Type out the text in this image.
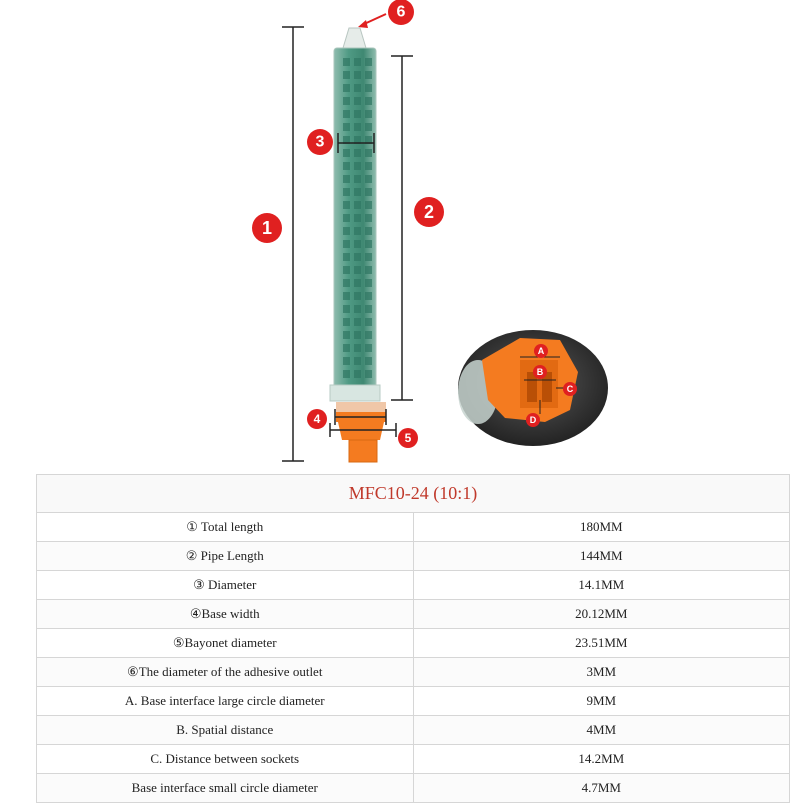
1
2
3
4
5
6
A
B
C
D
MFC10-24 (10:1)	
① Total length	180MM
② Pipe Length	144MM
③ Diameter	14.1MM
④Base width	20.12MM
⑤Bayonet diameter	23.51MM
⑥The diameter of the adhesive outlet	3MM
A. Base interface large circle diameter	9MM
B. Spatial distance	4MM
C. Distance between sockets	14.2MM
Base interface small circle diameter	4.7MM
